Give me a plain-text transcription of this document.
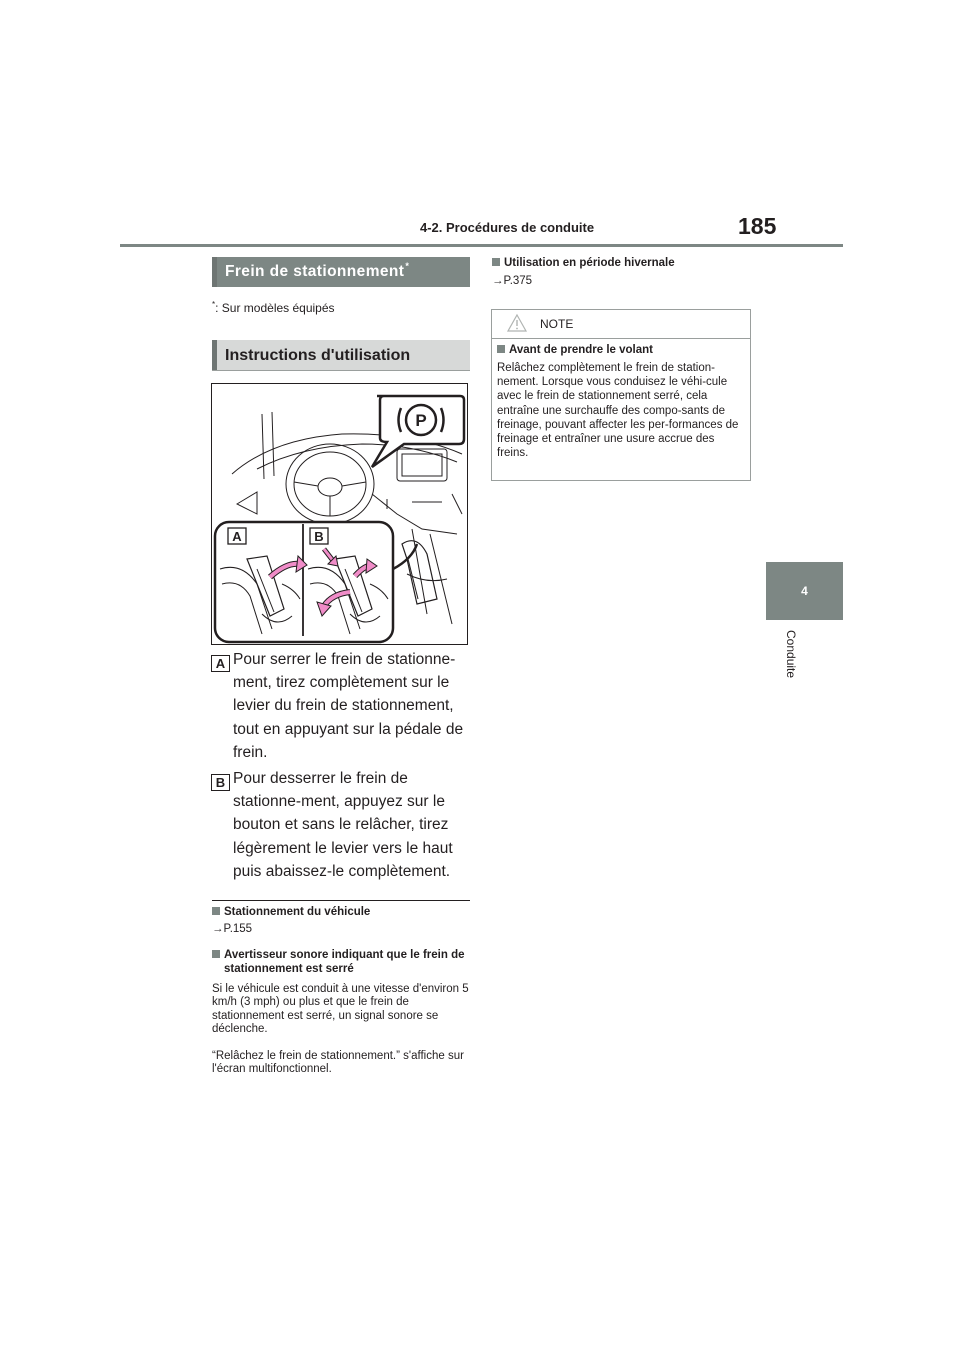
4-2. Procédures de conduite	185
4
Conduite
Frein de stationnement*
*: Sur modèles équipés
Instructions d'utilisation
P
A	B
A Pour serrer le frein de stationne-ment, tirez complètement sur le levier du frein de stationnement, tout en appuyant sur la pédale de frein.
B Pour desserrer le frein de stationne-ment, appuyez sur le bouton et sans le relâcher, tirez légèrement le levier vers le haut puis abaissez-le complètement.
Stationnement du véhicule
→P.155
Avertisseur sonore indiquant que le frein de stationnement est serré
Si le véhicule est conduit à une vitesse d'environ 5 km/h (3 mph) ou plus et que le frein de stationnement est serré, un signal sonore se déclenche.
“Relâchez le frein de stationnement.” s'affiche sur l'écran multifonctionnel.
Utilisation en période hivernale
→P.375
NOTE
Avant de prendre le volant
Relâchez complètement le frein de station-nement. Lorsque vous conduisez le véhi-cule avec le frein de stationnement serré, cela entraîne une surchauffe des compo-sants de freinage, pouvant affecter les per-formances de freinage et entraîner une usure accrue des freins.
